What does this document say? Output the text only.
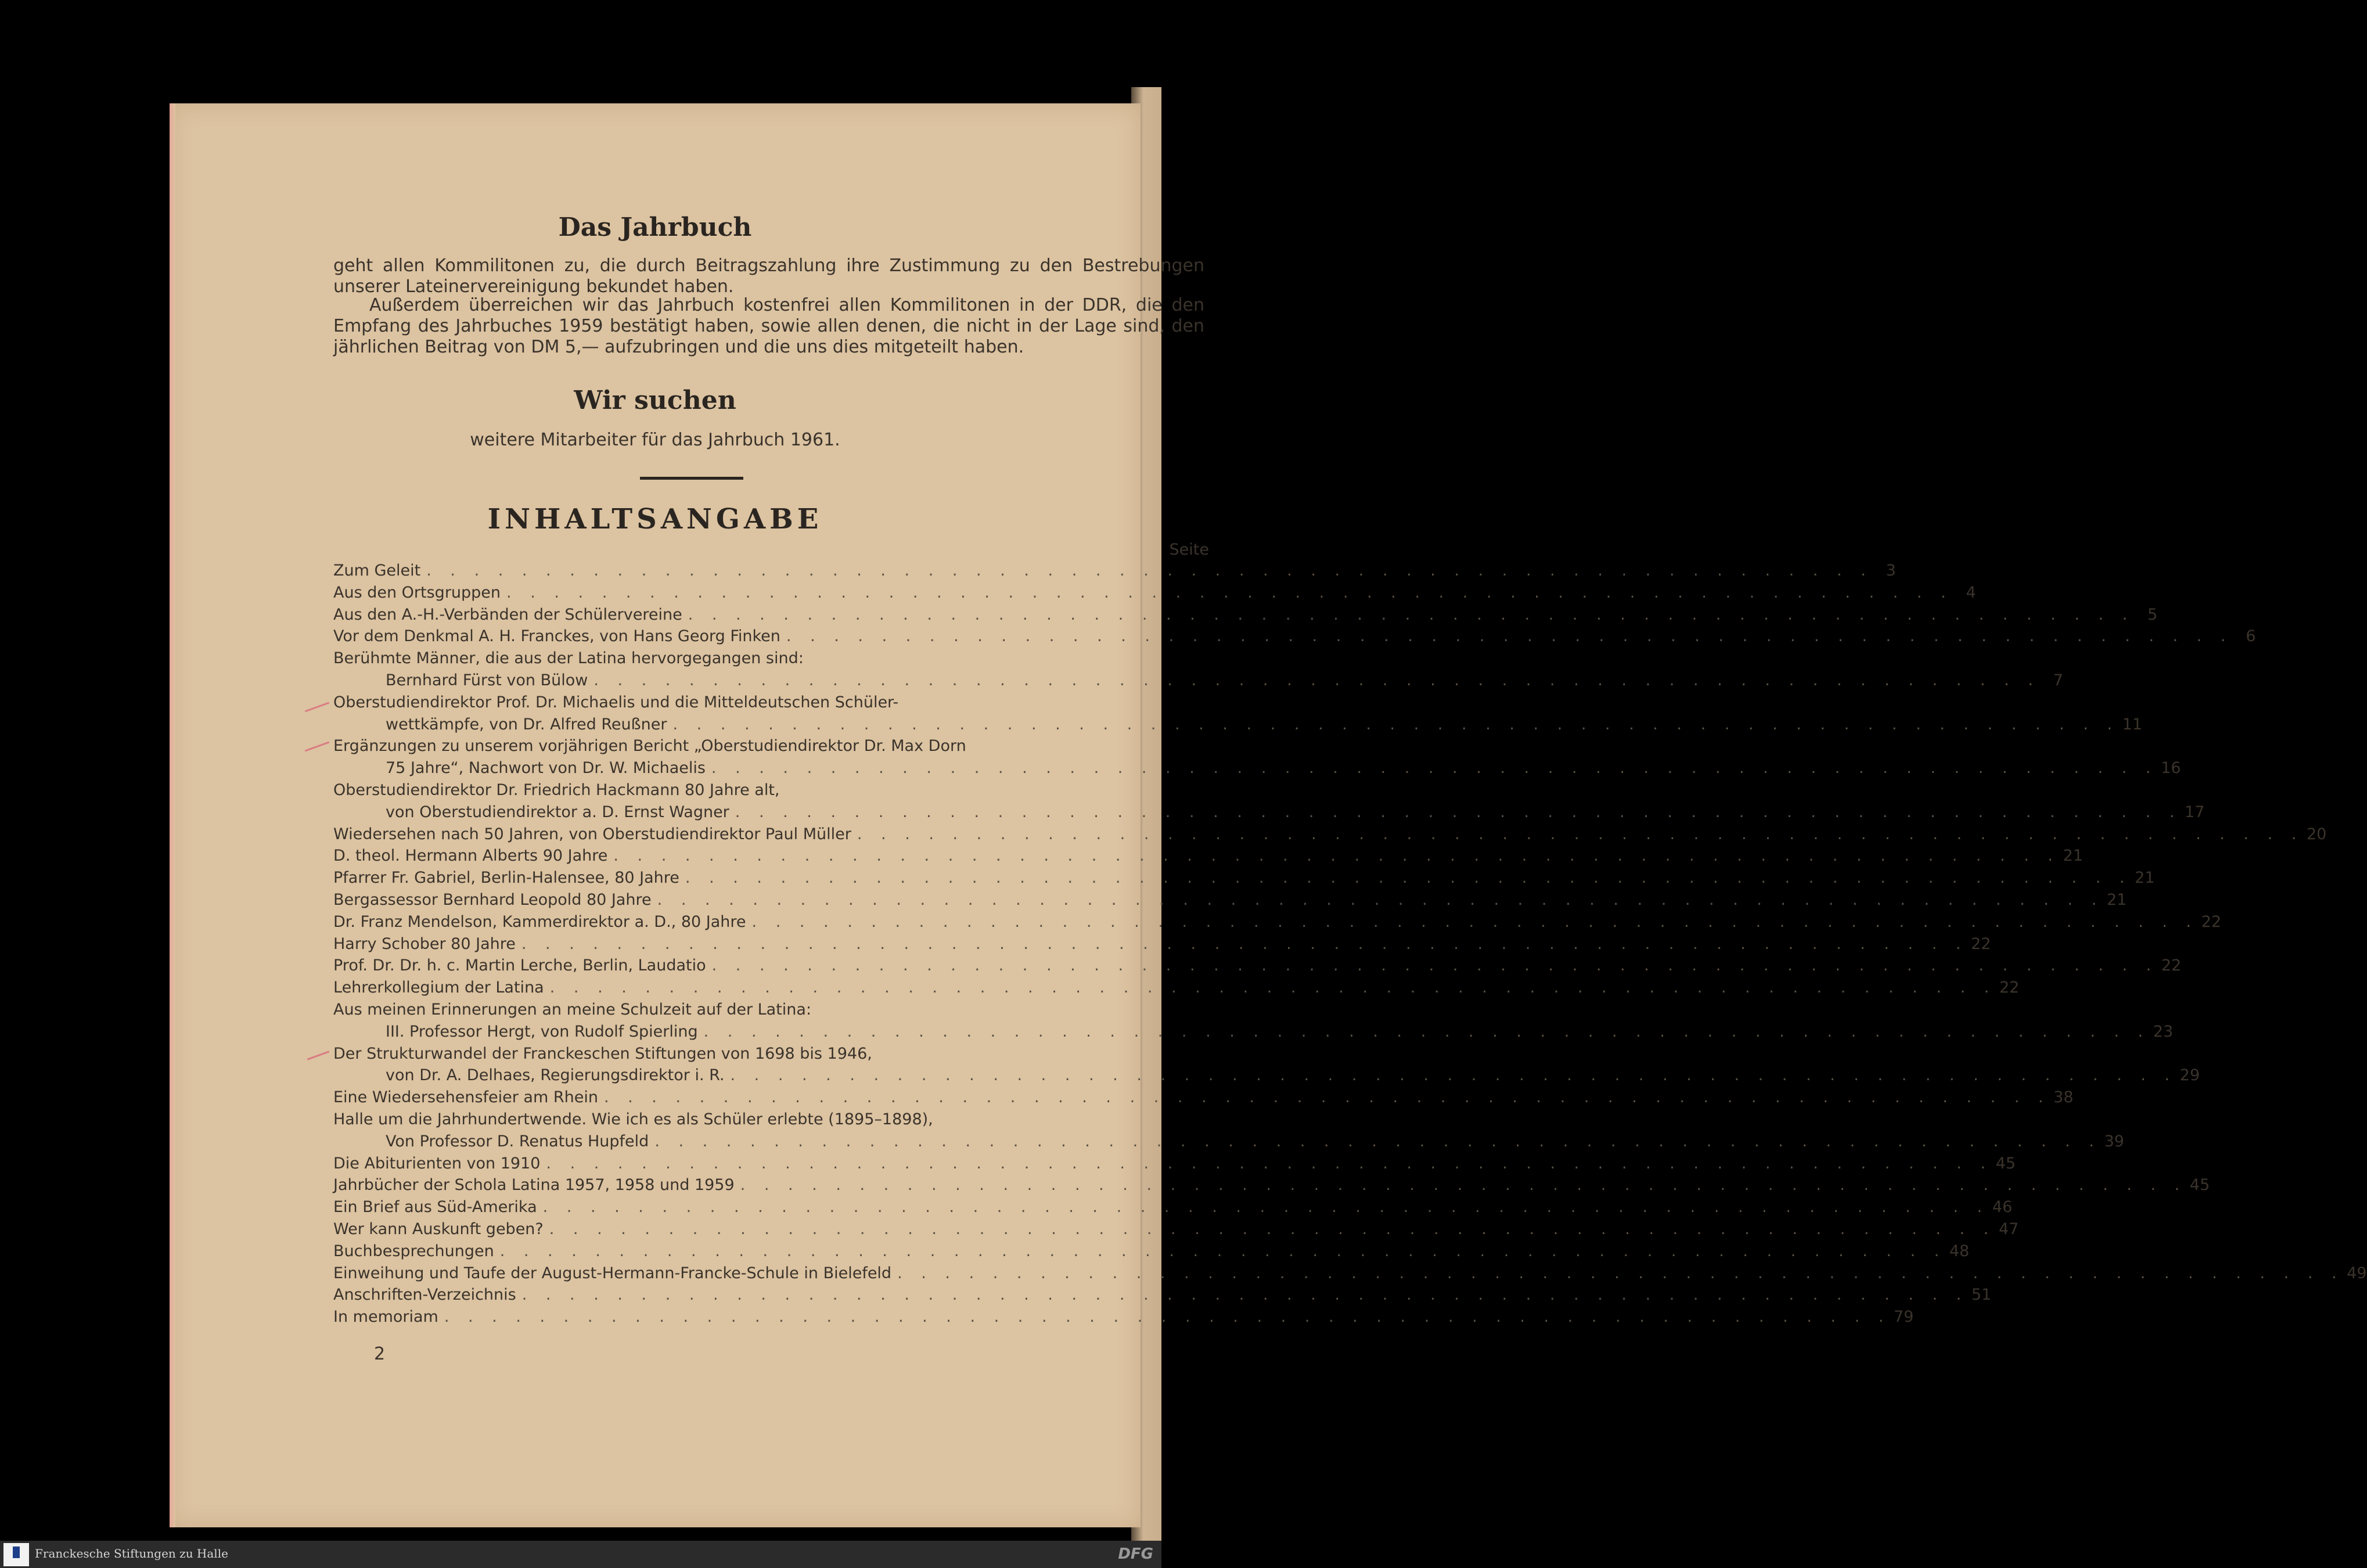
Das Jahrbuch

geht allen Kommilitonen zu, die durch Beitragszahlung ihre Zustimmung zu den Bestrebungen unserer Lateinervereinigung bekundet haben.

Außerdem überreichen wir das Jahrbuch kostenfrei allen Kommilitonen in der DDR, die den Empfang des Jahrbuches 1959 bestätigt haben, sowie allen denen, die nicht in der Lage sind, den jährlichen Beitrag von DM 5,— aufzubringen und die uns dies mitgeteilt haben.

Wir suchen
weitere Mitarbeiter für das Jahrbuch 1961.
INHALTSANGABE
Seite
Zum Geleit . . .	3
Aus den Ortsgruppen . . .	4
Aus den A.-H.-Verbänden der Schülervereine . . .	5
Vor dem Denkmal A. H. Franckes, von Hans Georg Finken . . .	6
Berühmte Männer, die aus der Latina hervorgegangen sind:
Bernhard Fürst von Bülow . . .	7
Oberstudiendirektor Prof. Dr. Michaelis und die Mitteldeutschen Schüler-
wettkämpfe, von Dr. Alfred Reußner . . .	11
Ergänzungen zu unserem vorjährigen Bericht „Oberstudiendirektor Dr. Max Dorn
75 Jahre“, Nachwort von Dr. W. Michaelis . . .	16
Oberstudiendirektor Dr. Friedrich Hackmann 80 Jahre alt,
von Oberstudiendirektor a. D. Ernst Wagner . . .	17
Wiedersehen nach 50 Jahren, von Oberstudiendirektor Paul Müller . . .	20
D. theol. Hermann Alberts 90 Jahre . . .	21
Pfarrer Fr. Gabriel, Berlin-Halensee, 80 Jahre . . .	21
Bergassessor Bernhard Leopold 80 Jahre . . .	21
Dr. Franz Mendelson, Kammerdirektor a. D., 80 Jahre . . .	22
Harry Schober 80 Jahre . . .	22
Prof. Dr. Dr. h. c. Martin Lerche, Berlin, Laudatio . . .	22
Lehrerkollegium der Latina . . .	22
Aus meinen Erinnerungen an meine Schulzeit auf der Latina:
III. Professor Hergt, von Rudolf Spierling . . .	23
Der Strukturwandel der Franckeschen Stiftungen von 1698 bis 1946,
von Dr. A. Delhaes, Regierungsdirektor i. R. . . .	29
Eine Wiedersehensfeier am Rhein . . .	38
Halle um die Jahrhundertwende. Wie ich es als Schüler erlebte (1895–1898),
Von Professor D. Renatus Hupfeld . . .	39
Die Abiturienten von 1910 . . .	45
Jahrbücher der Schola Latina 1957, 1958 und 1959 . . .	45
Ein Brief aus Süd-Amerika . . .	46
Wer kann Auskunft geben? . . .	47
Buchbesprechungen . . .	48
Einweihung und Taufe der August-Hermann-Francke-Schule in Bielefeld . . .	49
Anschriften-Verzeichnis . . .	51
In memoriam . . .	79
2
Franckesche Stiftungen zu Halle	DFG
